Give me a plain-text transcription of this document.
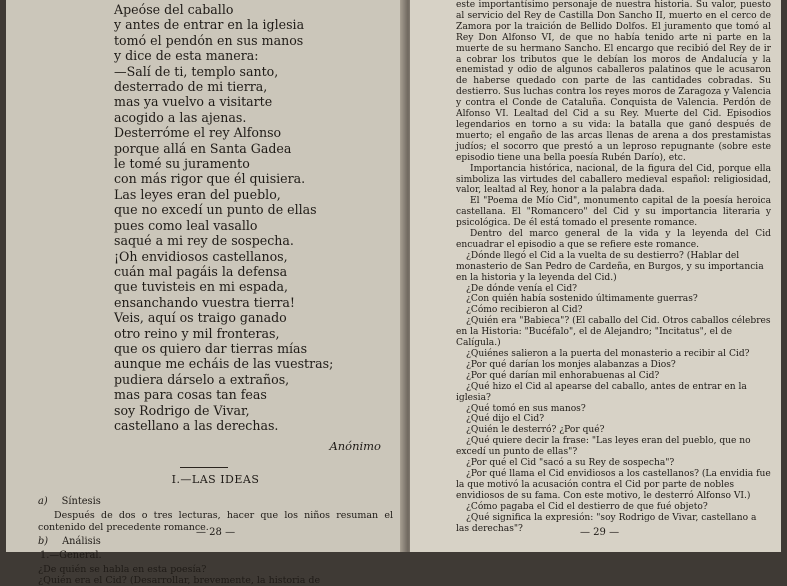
Apeóse del caballo
y antes de entrar en la iglesia
tomó el pendón en sus manos
y dice de esta manera:
—Salí de ti, templo santo,
desterrado de mi tierra,
mas ya vuelvo a visitarte
acogido a las ajenas.
Desterróme el rey Alfonso
porque allá en Santa Gadea
le tomé su juramento
con más rigor que él quisiera.
Las leyes eran del pueblo,
que no excedí un punto de ellas
pues como leal vasallo
saqué a mi rey de sospecha.
¡Oh envidiosos castellanos,
cuán mal pagáis la defensa
que tuvisteis en mi espada,
ensanchando vuestra tierra!
Veis, aquí os traigo ganado
otro reino y mil fronteras,
que os quiero dar tierras mías
aunque me echáis de las vuestras;
pudiera dárselo a extraños,
mas para cosas tan feas
soy Rodrigo de Vivar,
castellano a las derechas.
Anónimo
I.—LAS IDEAS
a) Síntesis

Después de dos o tres lecturas, hacer que los niños resuman el contenido del precedente romance.

b) Análisis
1.—General.

¿De quién se habla en esta poesía?

¿Quién era el Cid? (Desarrollar, brevemente, la historia de

— 28 —

este importantísimo personaje de nuestra historia. Su valor, puesto al servicio del Rey de Castilla Don Sancho II, muerto en el cerco de Zamora por la traición de Bellido Dolfos. El juramento que tomó al Rey Don Alfonso VI, de que no había tenido arte ni parte en la muerte de su hermano Sancho. El encargo que recibió del Rey de ir a cobrar los tributos que le debían los moros de Andalucía y la enemistad y odio de algunos caballeros palatinos que le acusaron de haberse quedado con parte de las cantidades cobradas. Su destierro. Sus luchas contra los reyes moros de Zaragoza y Valencia y contra el Conde de Cataluña. Conquista de Valencia. Perdón de Alfonso VI. Lealtad del Cid a su Rey. Muerte del Cid. Episodios legendarios en torno a su vida: la batalla que ganó después de muerto; el engaño de las arcas llenas de arena a dos prestamistas judíos; el socorro que prestó a un leproso repugnante (sobre este episodio tiene una bella poesía Rubén Darío), etc.

Importancia histórica, nacional, de la figura del Cid, porque ella simboliza las virtudes del caballero medieval español: religiosidad, valor, lealtad al Rey, honor a la palabra dada.

El "Poema de Mío Cid", monumento capital de la poesía heroica castellana. El "Romancero" del Cid y su importancia literaria y psicológica. De él está tomado el presente romance.

Dentro del marco general de la vida y la leyenda del Cid encuadrar el episodio a que se refiere este romance.

¿Dónde llegó el Cid a la vuelta de su destierro? (Hablar del monasterio de San Pedro de Cardeña, en Burgos, y su importancia en la historia y la leyenda del Cid.)

¿De dónde venía el Cid?

¿Con quién había sostenido últimamente guerras?

¿Cómo recibieron al Cid?

¿Quién era "Babieca"? (El caballo del Cid. Otros caballos célebres en la Historia: "Bucéfalo", el de Alejandro; "Incitatus", el de Calígula.)

¿Quiénes salieron a la puerta del monasterio a recibir al Cid?

¿Por qué darían los monjes alabanzas a Dios?

¿Por qué darían mil enhorabuenas al Cid?

¿Qué hizo el Cid al apearse del caballo, antes de entrar en la iglesia?

¿Qué tomó en sus manos?

¿Qué dijo el Cid?

¿Quién le desterró? ¿Por qué?

¿Qué quiere decir la frase: "Las leyes eran del pueblo, que no excedí un punto de ellas"?

¿Por qué el Cid "sacó a su Rey de sospecha"?

¿Por qué llama el Cid envidiosos a los castellanos? (La envidia fue la que motivó la acusación contra el Cid por parte de nobles envidiosos de su fama. Con este motivo, le desterró Alfonso VI.)

¿Cómo pagaba el Cid el destierro de que fué objeto?

¿Qué significa la expresión: "soy Rodrigo de Vivar, castellano a las derechas"?	— 29 —
